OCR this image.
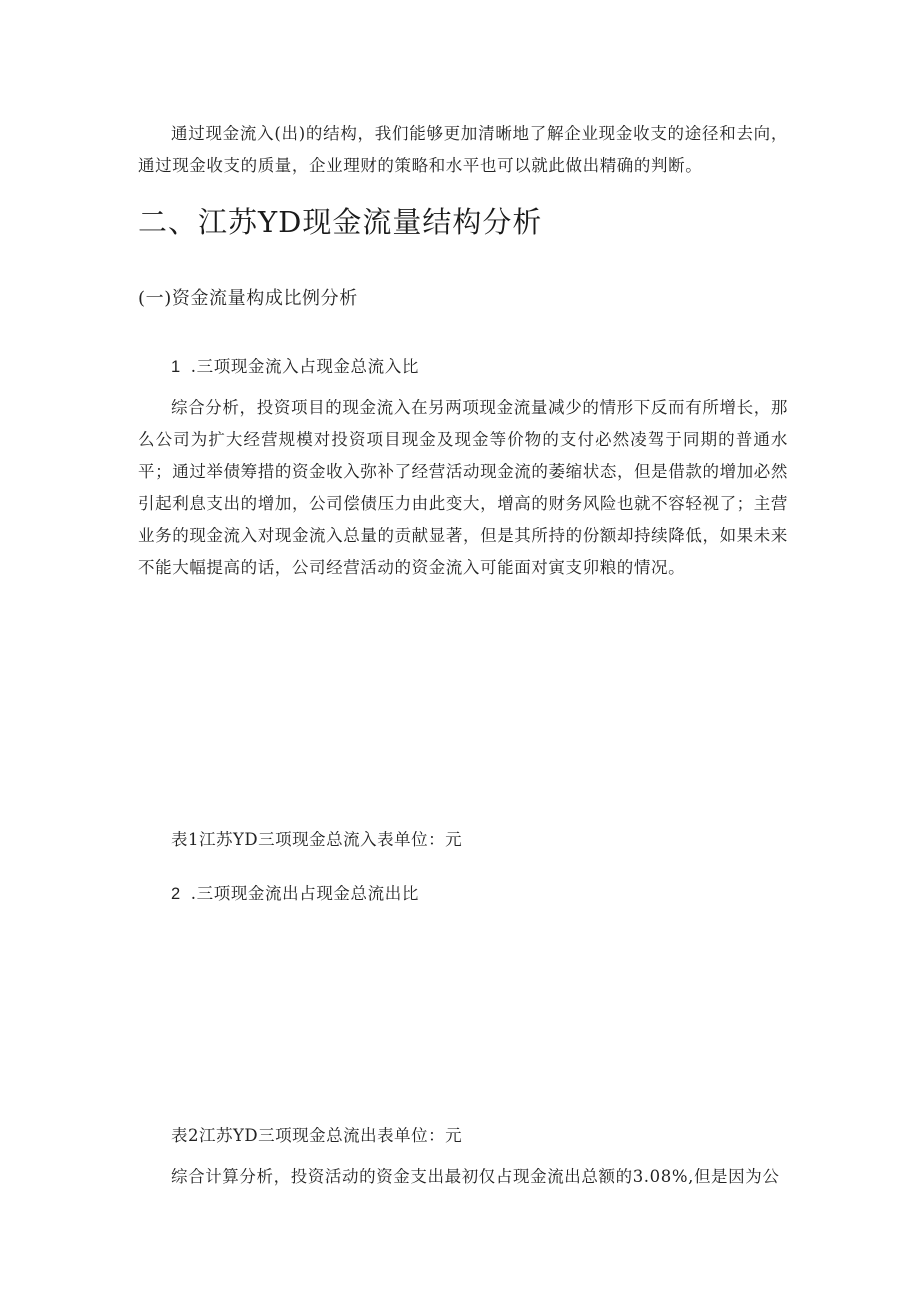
通过现金流入(出)的结构，我们能够更加清晰地了解企业现金收支的途径和去向，通过现金收支的质量，企业理财的策略和水平也可以就此做出精确的判断。

二、江苏YD现金流量结构分析
(一)资金流量构成比例分析
1 .三项现金流入占现金总流入比

综合分析，投资项目的现金流入在另两项现金流量减少的情形下反而有所增长，那么公司为扩大经营规模对投资项目现金及现金等价物的支付必然凌驾于同期的普通水平；通过举债筹措的资金收入弥补了经营活动现金流的萎缩状态，但是借款的增加必然引起利息支出的增加，公司偿债压力由此变大，增高的财务风险也就不容轻视了；主营业务的现金流入对现金流入总量的贡献显著，但是其所持的份额却持续降低，如果未来不能大幅提高的话，公司经营活动的资金流入可能面对寅支卯粮的情况。

表1江苏YD三项现金总流入表单位：元

2 .三项现金流出占现金总流出比

表2江苏YD三项现金总流出表单位：元

综合计算分析，投资活动的资金支出最初仅占现金流出总额的3.08%,但是因为公
